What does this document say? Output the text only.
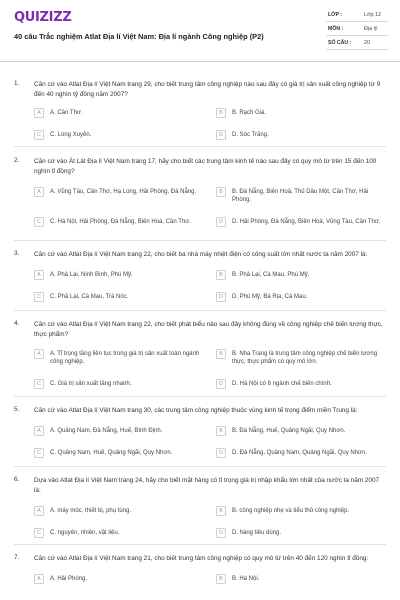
QUIZIZZ
40 câu Trắc nghiệm Atlat Địa lí Việt Nam: Địa lí ngành Công nghiệp (P2)
LỚP :	Lớp 12
MÔN :	Địa lý
SỐ CÂU : 20
1. Căn cứ vào Atlat Địa lí Việt Nam trang 29, cho biết trung tâm công nghiệp nào sau đây có giá trị sản xuất công nghiệp từ 9 đến 40 nghìn tỷ đồng năm 2007?
A	A. Cần Thơ.	B	B. Rạch Giá.
C	C. Long Xuyên.	D	D. Sóc Trăng.
2. Căn cứ vào Át Lát Địa lí Việt Nam trang 17, hãy cho biết các trung tâm kinh tế nào sau đây có quy mô từ trên 15 đến 100 nghìn tỉ đồng?
A	A. Vũng Tàu, Cần Thơ, Hạ Long, Hải Phòng, Đà Nẵng.	B	B. Đà Nẵng, Biên Hoà, Thủ Dầu Một, Cần Thơ, Hải Phòng.
C	C. Hà Nội, Hải Phòng, Đà Nẵng, Biên Hoà, Cần Thơ.	D	D. Hải Phòng, Đà Nẵng, Biên Hoà, Vũng Tàu, Cần Thơ.
3. Căn cứ vào Atlat Địa lí Việt Nam trang 22, cho biết ba nhà máy nhiệt điện có công suất lớn nhất nước ta năm 2007 là:
A	A. Phả Lại, Ninh Bình, Phú Mỹ.	B	B. Phả Lại, Cà Mau, Phú Mỹ.
C	C. Phả Lại, Cà Mau, Trà Nóc.	D	D. Phú Mỹ, Bà Rịa, Cà Mau.
4. Căn cứ vào Atlat Địa lí Việt Nam trang 22, cho biết phát biểu nào sau đây không đúng về công nghiệp chế biến lương thực, thực phẩm?
A	A. Tỉ trọng tăng liên tục trong giá trị sản xuất toàn ngành công nghiệp.
B	B. Nha Trang là trung tâm công nghiệp chế biến lương thực, thực phẩm có quy mô lớn.
C	C. Giá trị sản xuất tăng nhanh.	D	D. Hà Nội có 6 ngành chế biến chính.
5. Căn cứ vào Atlat Địa lí Việt Nam trang 30, các trung tâm công nghiệp thuộc vùng kinh tế trọng điểm miền Trung là:
A	A. Quảng Nam, Đà Nẵng, Huế, Bình Định.	B	B. Đà Nẵng, Huế, Quảng Ngãi, Quy Nhơn.
C	C. Quảng Nam, Huế, Quảng Ngãi, Quy Nhơn.	D	D. Đà Nẵng, Quảng Nam, Quảng Ngãi, Quy Nhơn.
6. Dựa vào Atlat Địa lí Việt Nam trang 24, hãy cho biết mặt hàng có tỉ trọng giá trị nhập khẩu lớn nhất của nước ta năm 2007 là:
A	A. máy móc, thiết bị, phụ tùng.	B	B. công nghiệp nhẹ và tiểu thủ công nghiệp.
C	C. nguyên, nhiên, vật liệu.	D	D. hàng tiêu dùng.
7. Căn cứ vào Atlat Địa lí Việt Nam trang 21, cho biết trung tâm công nghiệp có quy mô từ trên 40 đến 120 nghìn tỉ đồng:
A	A. Hải Phòng.	B	B. Hà Nội.
